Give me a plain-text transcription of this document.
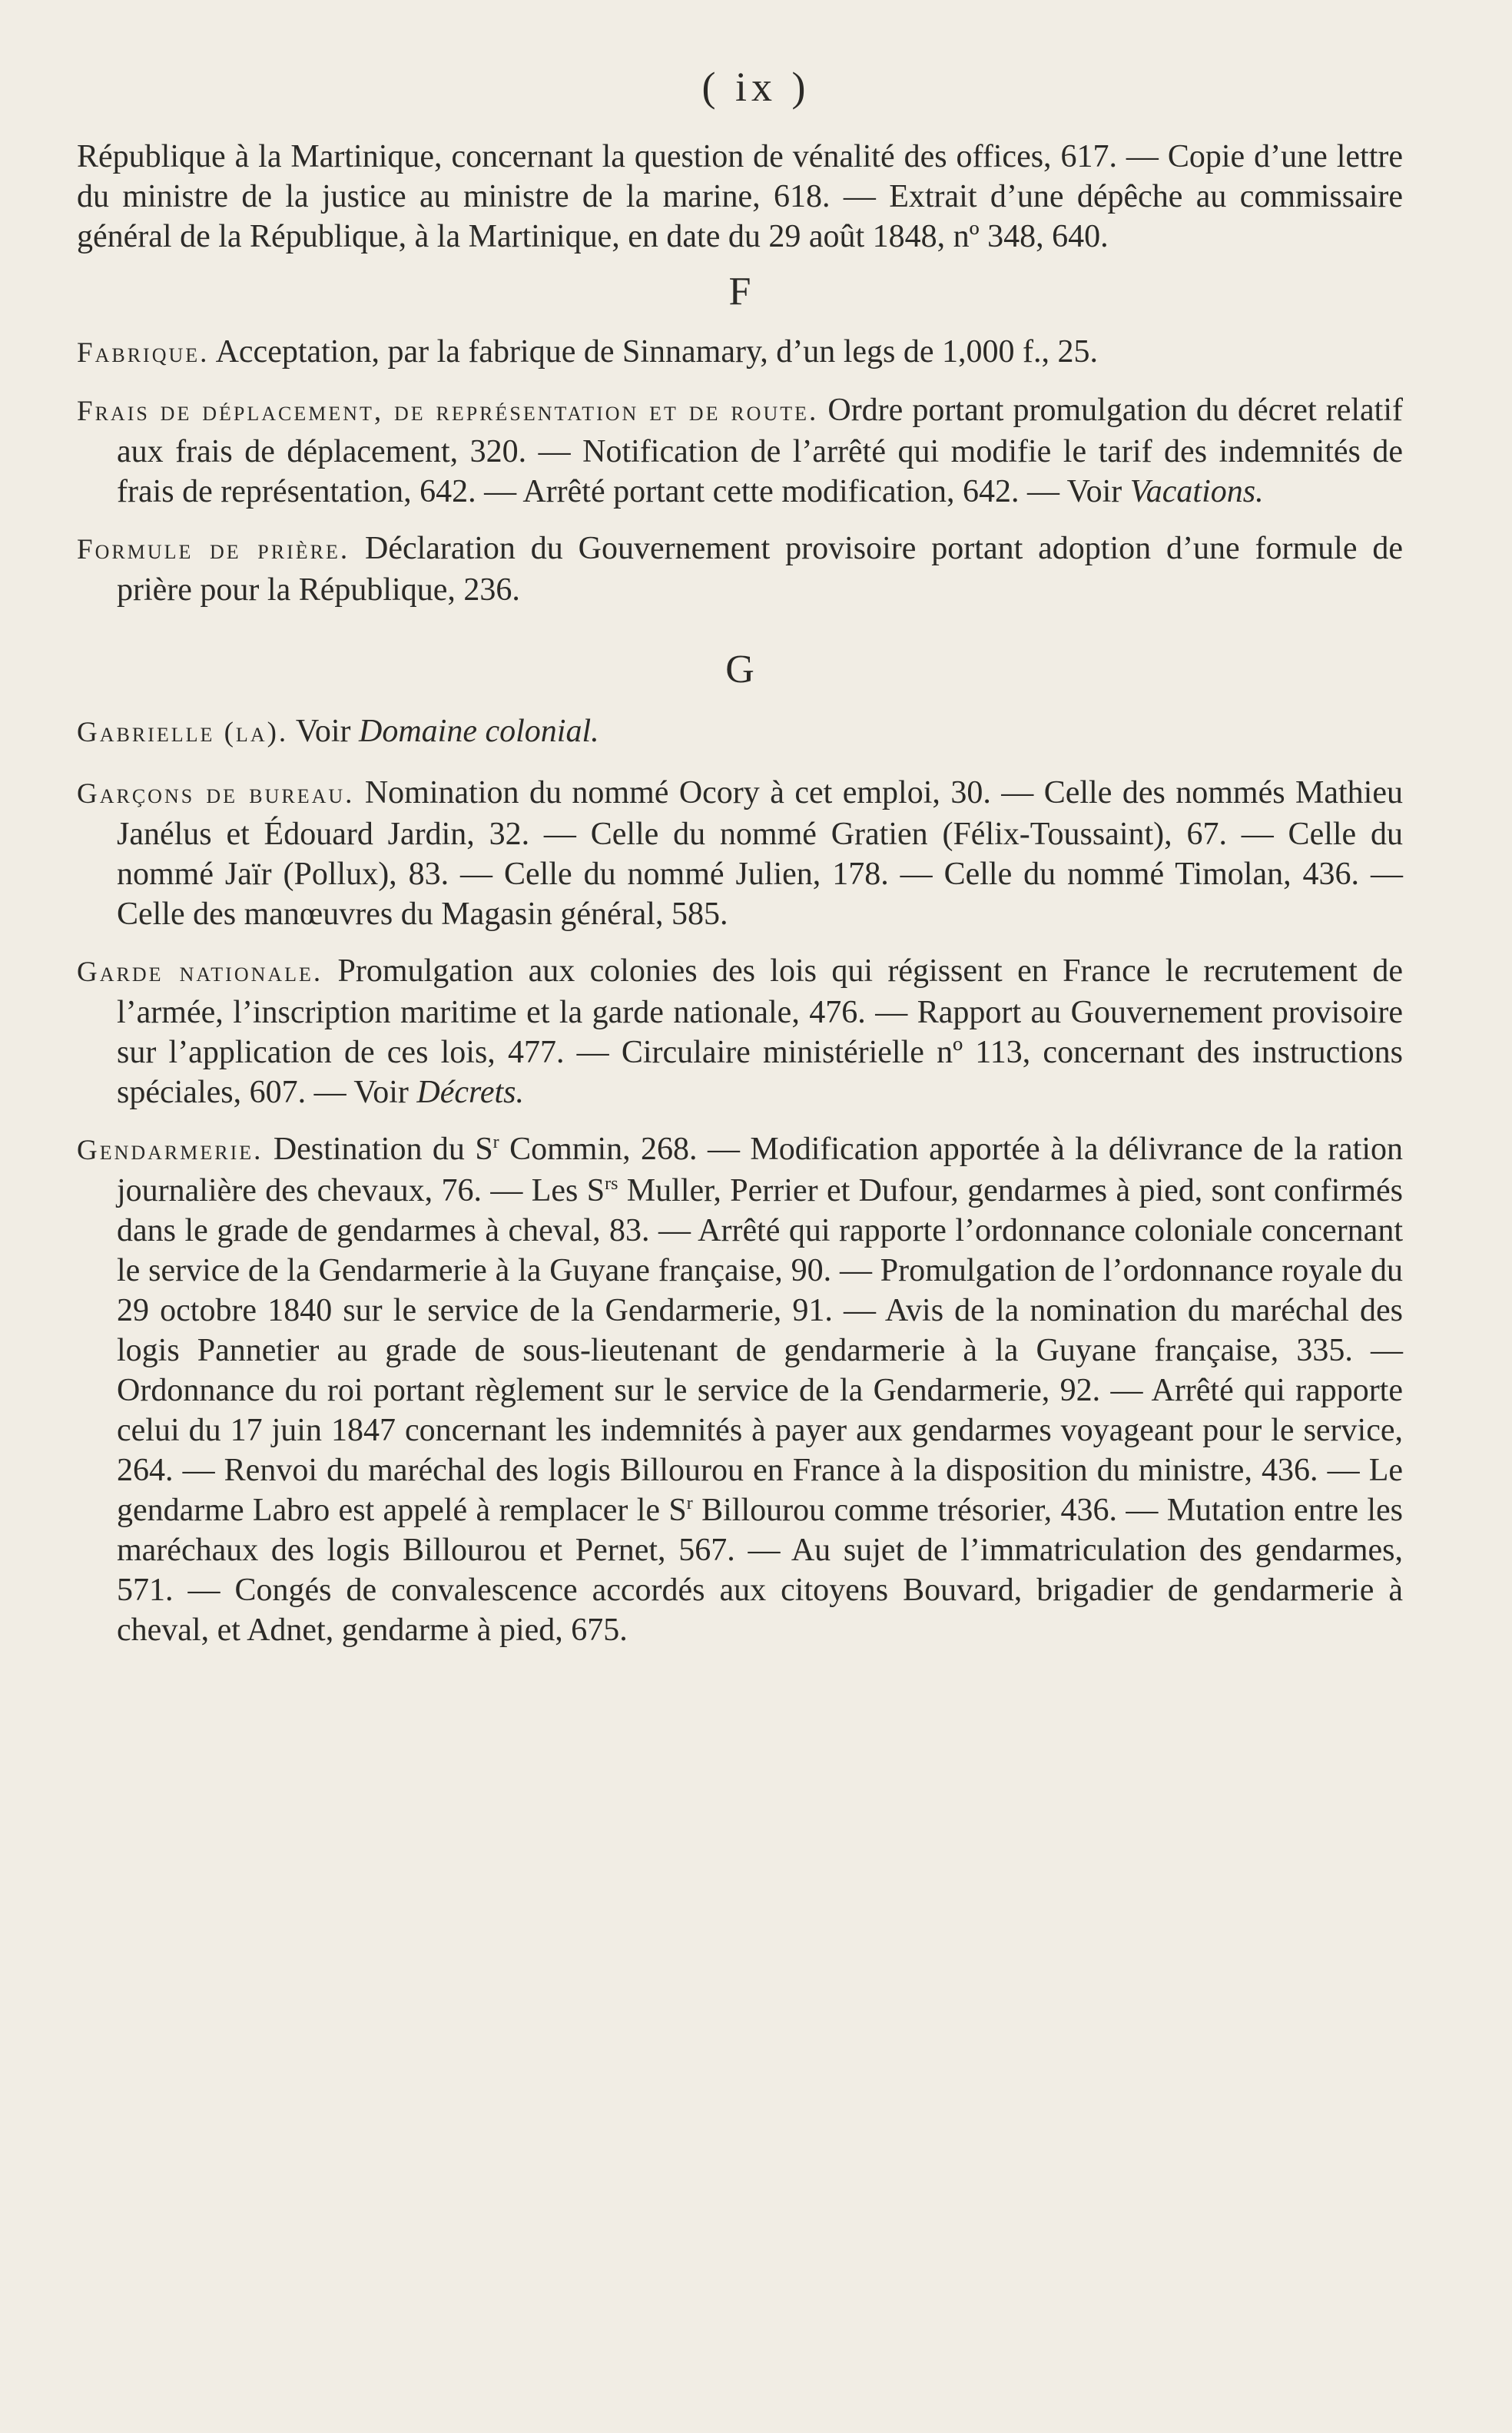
( ix )

République à la Martinique, concernant la question de vénalité des offices, 617. — Copie d’une lettre du ministre de la justice au ministre de la marine, 618. — Extrait d’une dépêche au commissaire général de la République, à la Martinique, en date du 29 août 1848, nº 348, 640.

F

Fabrique. Acceptation, par la fabrique de Sinnamary, d’un legs de 1,000 f., 25.

Frais de déplacement, de représentation et de route. Ordre portant promulgation du décret relatif aux frais de déplacement, 320. — Notification de l’arrêté qui modifie le tarif des indemnités de frais de représentation, 642. — Arrêté portant cette modification, 642. — Voir Vacations.

Formule de prière. Déclaration du Gouvernement provisoire portant adoption d’une formule de prière pour la République, 236.

G

Gabrielle (la). Voir Domaine colonial.

Garçons de bureau. Nomination du nommé Ocory à cet emploi, 30. — Celle des nommés Mathieu Janélus et Édouard Jardin, 32. — Celle du nommé Gratien (Félix-Toussaint), 67. — Celle du nommé Jaïr (Pollux), 83. — Celle du nommé Julien, 178. — Celle du nommé Timolan, 436. — Celle des manœuvres du Magasin général, 585.

Garde nationale. Promulgation aux colonies des lois qui régissent en France le recrutement de l’armée, l’inscription maritime et la garde nationale, 476. — Rapport au Gouvernement provisoire sur l’application de ces lois, 477. — Circulaire ministérielle nº 113, concernant des instructions spéciales, 607. — Voir Décrets.

Gendarmerie. Destination du $S^r$ Commin, 268. — Modification apportée à la délivrance de la ration journalière des chevaux, 76. — Les $S^{rs}$ Muller, Perrier et Dufour, gendarmes à pied, sont confirmés dans le grade de gendarmes à cheval, 83. — Arrêté qui rapporte l’ordonnance coloniale concernant le service de la Gendarmerie à la Guyane française, 90. — Promulgation de l’ordonnance royale du 29 octobre 1840 sur le service de la Gendarmerie, 91. — Avis de la nomination du maréchal des logis Pannetier au grade de sous-lieutenant de gendarmerie à la Guyane française, 335. — Ordonnance du roi portant règlement sur le service de la Gendarmerie, 92. — Arrêté qui rapporte celui du 17 juin 1847 concernant les indemnités à payer aux gendarmes voyageant pour le service, 264. — Renvoi du maréchal des logis Billourou en France à la disposition du ministre, 436. — Le gendarme Labro est appelé à remplacer le $S^r$ Billourou comme trésorier, 436. — Mutation entre les maréchaux des logis Billourou et Pernet, 567. — Au sujet de l’immatriculation des gendarmes, 571. — Congés de convalescence accordés aux citoyens Bouvard, brigadier de gendarmerie à cheval, et Adnet, gendarme à pied, 675.
